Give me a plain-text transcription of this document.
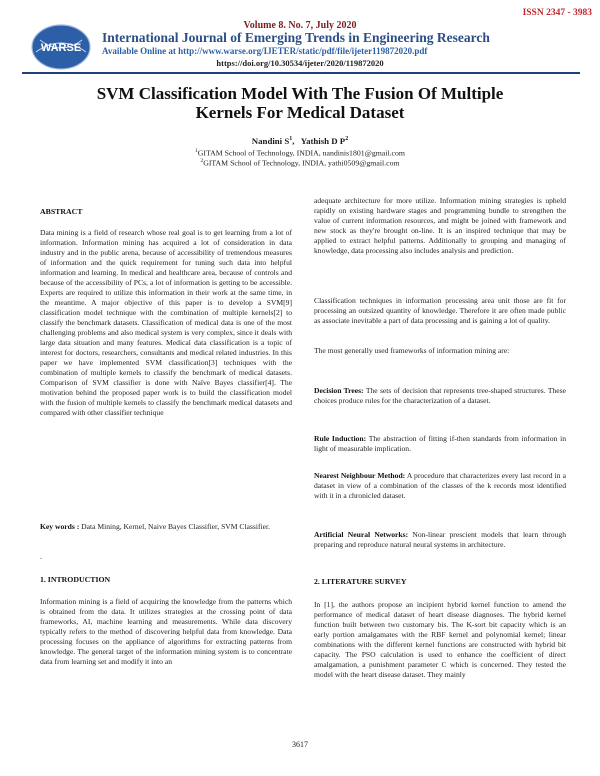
WARSE
ISSN 2347 - 3983
Volume 8. No. 7, July 2020
International Journal of Emerging Trends in Engineering Research
Available Online at http://www.warse.org/IJETER/static/pdf/file/ijeter119872020.pdf
https://doi.org/10.30534/ijeter/2020/119872020
SVM Classification Model With The Fusion Of Multiple
Kernels For Medical Dataset
Nandini $S^1$,   Yathish D $P^2$
$^1$GITAM School of Technology, INDIA, nandinis1801@gmail.com
$^2$GITAM School of Technology, INDIA, yathi0509@gmail.com
ABSTRACT

Data mining is a field of research whose real goal is to get learning from a lot of information. Information mining has acquired a lot of consideration in data industry and in the public arena, because of accessibility of tremendous measures of information and the quick requirement for tuning such data into helpful information and learning. In medical and healthcare area, because of controls and because of the accessibility of PCs, a lot of information is getting to be accessible. Experts are required to utilize this information in their work at the same time, in the meantime. A major objective of this paper is to develop a SVM[9] classification model technique with the combination of multiple kernels[2] to classify the benchmark datasets. Classification of medical data is one of the most challenging problems and also medical system is very complex, since it deals with large data situation and many features. Medical data classification is a topic of interest for doctors, researchers, consultants and medical related industries. In this paper we have implemented SVM classification[3] techniques with the combination of multiple kernels to classify the benchmark of medical datasets. Comparison of SVM classifier is done with Naïve Bayes classifier[4]. The motivation behind the proposed paper work is to build the classification model with the fusion of multiple kernels to classify the benchmark medical datasets and compared with other classifier technique

Key words : Data Mining, Kernel, Naive Bayes Classifier, SVM Classifier.

.
1. INTRODUCTION

Information mining is a field of acquiring the knowledge from the patterns which is obtained from the data. It utilizes strategies at the crossing point of data frameworks, AI, machine learning and measurements. While data discovery typically refers to the method of discovering helpful data from knowledge. Data processing focuses on the appliance of algorithms for extracting patterns from knowledge. The general target of the information mining system is to concentrate data from learning set and modify it into an

adequate architecture for more utilize. Information mining strategies is upheld rapidly on existing hardware stages and programming bundle to strengthen the value of current information resources, and might be joined with framework and new stock as they're brought on-line. It is an inspired technique that may be applied to extract helpful patterns. Additionally to grouping and managing of knowledge, data processing also includes analysis and prediction.

Classification techniques in information processing area unit those are fit for processing an outsized quantity of knowledge. Therefore it are often made public as associate inevitable a part of data processing and is gaining a lot of quality.

The most generally used frameworks of information mining are:

Decision Trees: The sets of decision that represents tree-shaped structures. These choices produce rules for the characterization of a dataset.

Rule Induction: The abstraction of fitting if-then standards from information in light of measurable implication.

Nearest Neighbour Method: A procedure that characterizes every last record in a dataset in view of a combination of the classes of the k records most identified with it in a chronicled dataset.

Artificial Neural Networks: Non-linear prescient models that learn through preparing and reproduce natural neural systems in architecture.

2. LITERATURE SURVEY

In [1], the authors propose an incipient hybrid kernel function to amend the performance of medical dataset of heart disease diagnoses. The hybrid kernel function built between two customary bis. The K-sort bit capacity which is an early portion amalgamates with the RBF kernel and polynomial kernel; linear combinations with the different kernel functions are constructed with hybrid bit capacity. The PSO calculation is used to enhance the coefficient of direct amalgamation, a punishment parameter C which is concerned. They tested the model with the heart disease dataset. They mainly

3617
